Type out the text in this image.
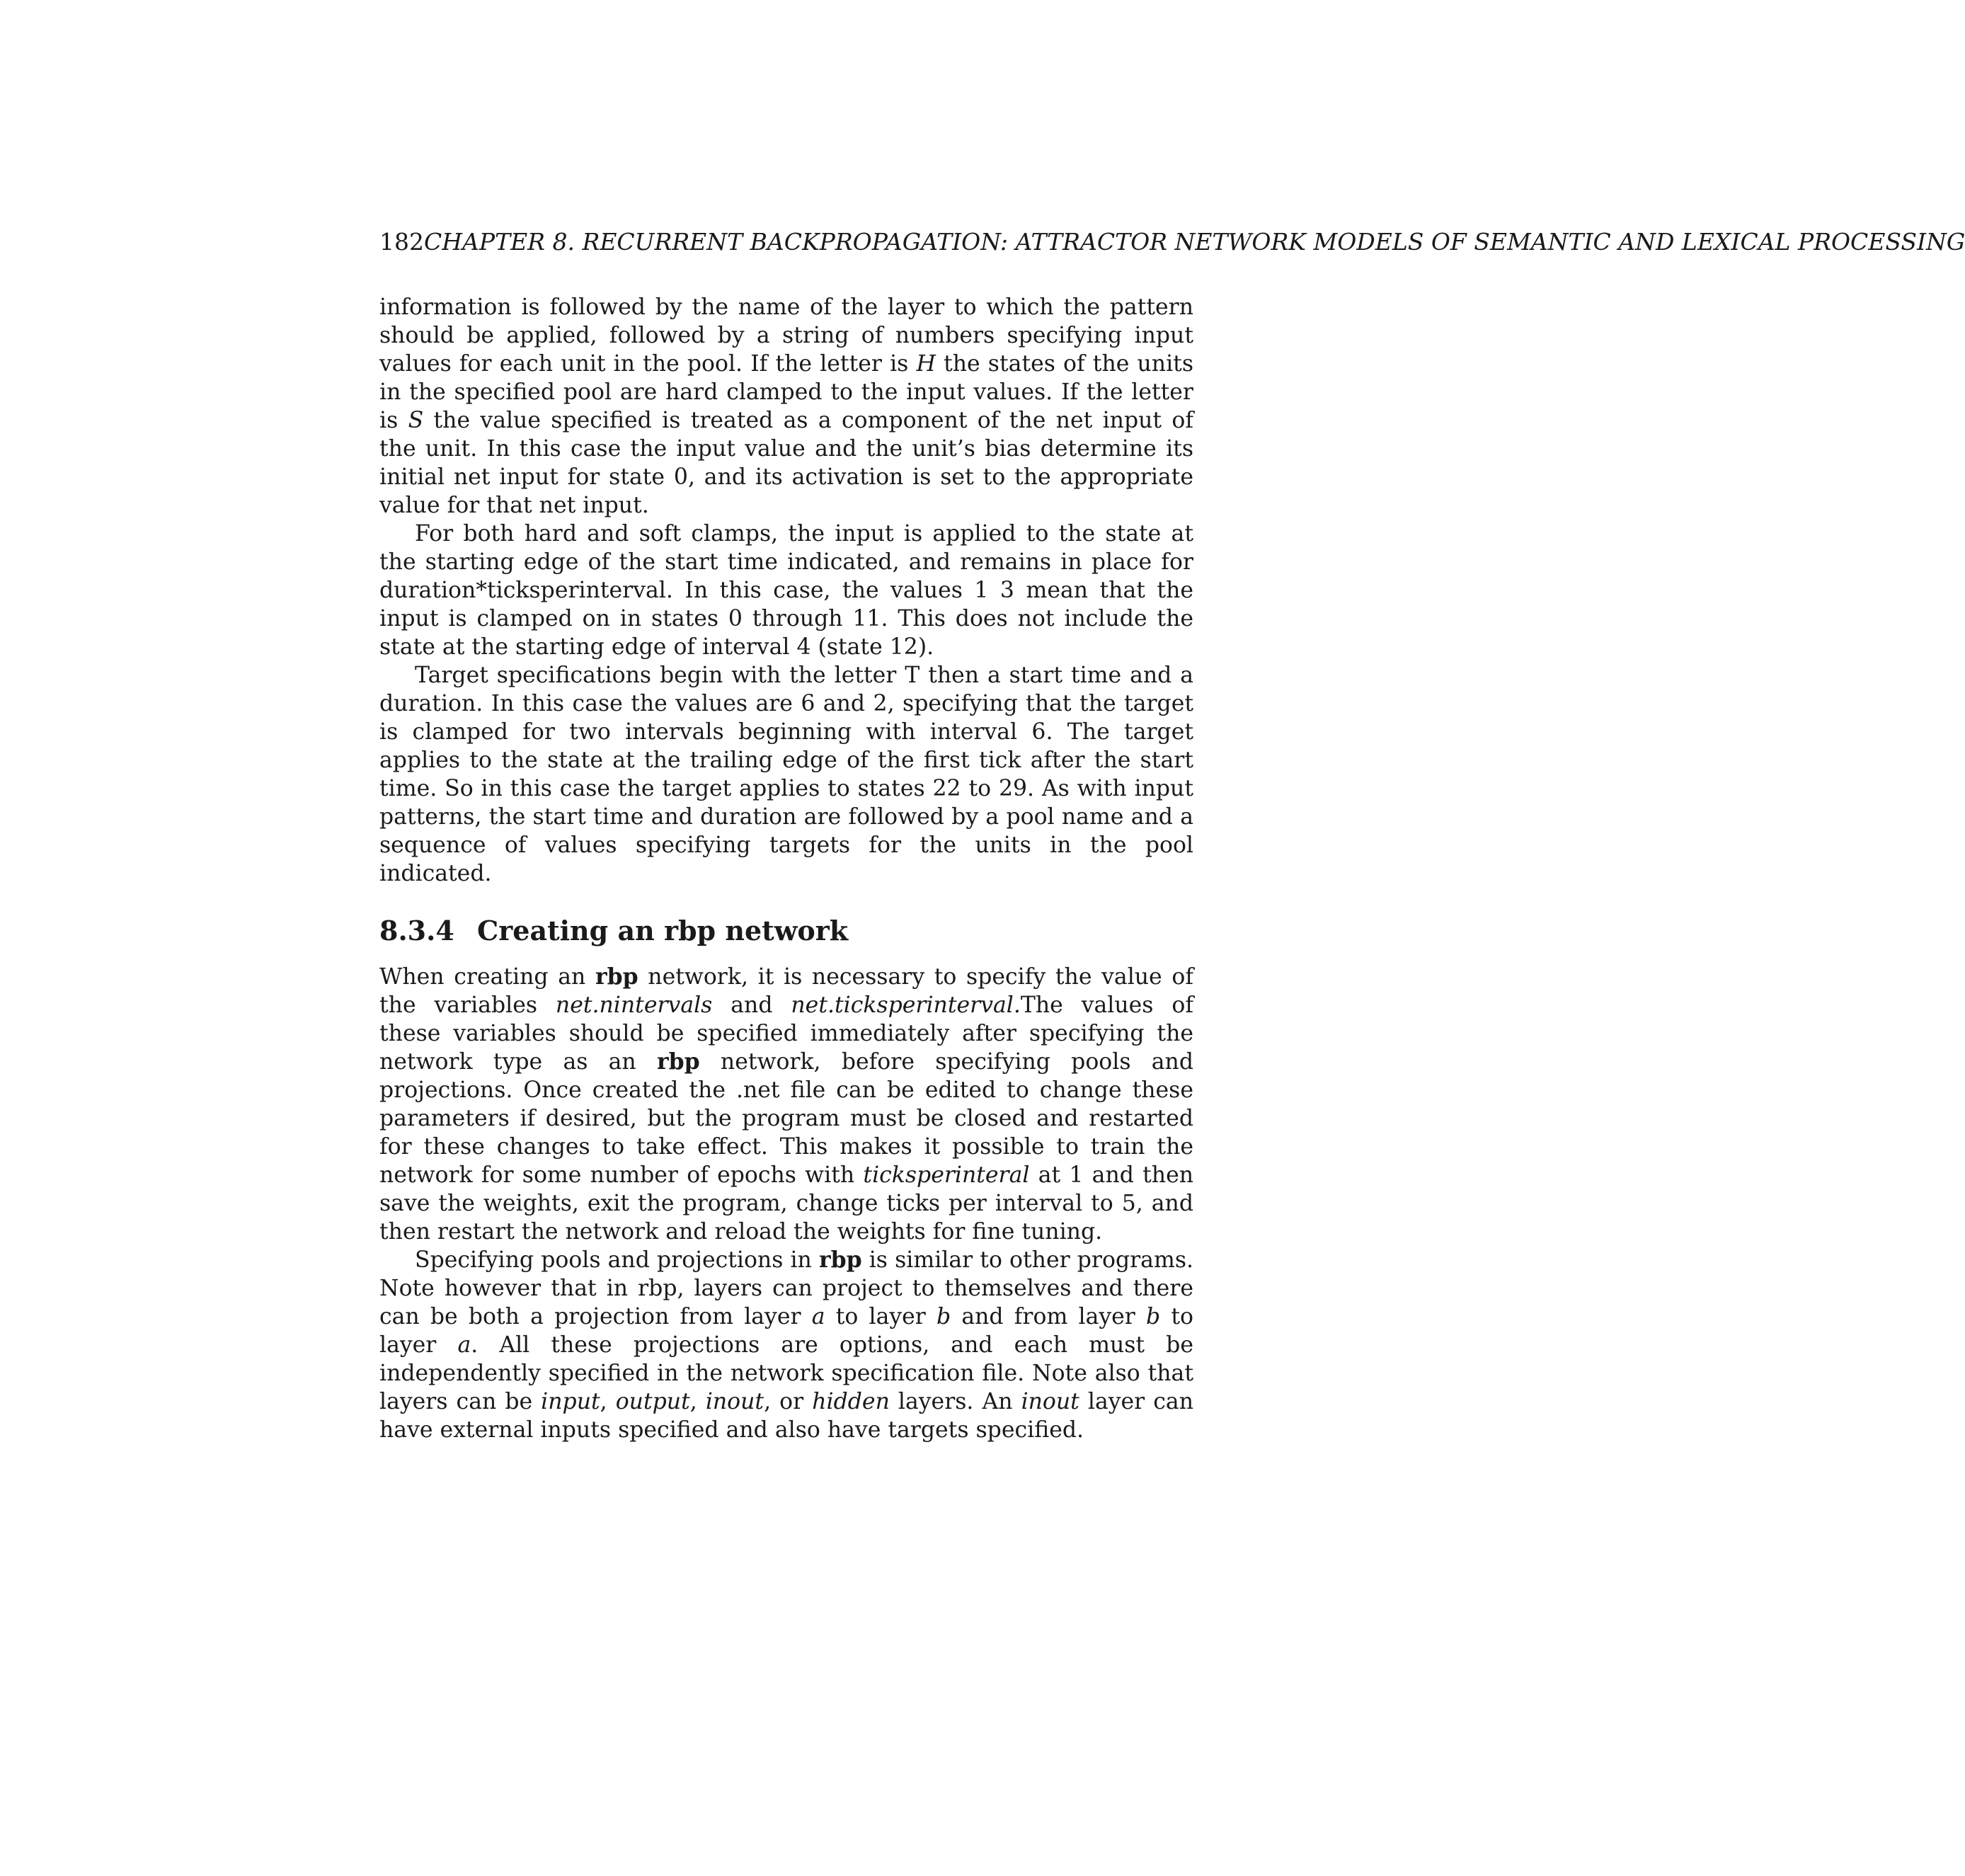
182CHAPTER 8. RECURRENT BACKPROPAGATION: ATTRACTOR NETWORK MODELS OF SEMANTIC AND LEXICAL PROCESSING

information is followed by the name of the layer to which the pattern should be applied, followed by a string of numbers specifying input values for each unit in the pool. If the letter is H the states of the units in the specified pool are hard clamped to the input values. If the letter is S the value specified is treated as a component of the net input of the unit. In this case the input value and the unit’s bias determine its initial net input for state 0, and its activation is set to the appropriate value for that net input.

For both hard and soft clamps, the input is applied to the state at the starting edge of the start time indicated, and remains in place for duration*ticksperinterval. In this case, the values 1 3 mean that the input is clamped on in states 0 through 11. This does not include the state at the starting edge of interval 4 (state 12).

Target specifications begin with the letter T then a start time and a duration. In this case the values are 6 and 2, specifying that the target is clamped for two intervals beginning with interval 6. The target applies to the state at the trailing edge of the first tick after the start time. So in this case the target applies to states 22 to 29. As with input patterns, the start time and duration are followed by a pool name and a sequence of values specifying targets for the units in the pool indicated.

8.3.4 Creating an rbp network

When creating an rbp network, it is necessary to specify the value of the variables net.nintervals and net.ticksperinterval.The values of these variables should be specified immediately after specifying the network type as an rbp network, before specifying pools and projections. Once created the .net file can be edited to change these parameters if desired, but the program must be closed and restarted for these changes to take effect. This makes it possible to train the network for some number of epochs with ticksperinteral at 1 and then save the weights, exit the program, change ticks per interval to 5, and then restart the network and reload the weights for fine tuning.

Specifying pools and projections in rbp is similar to other programs. Note however that in rbp, layers can project to themselves and there can be both a projection from layer a to layer b and from layer b to layer a. All these projections are options, and each must be independently specified in the network specification file. Note also that layers can be input, output, inout, or hidden layers. An inout layer can have external inputs specified and also have targets specified.
